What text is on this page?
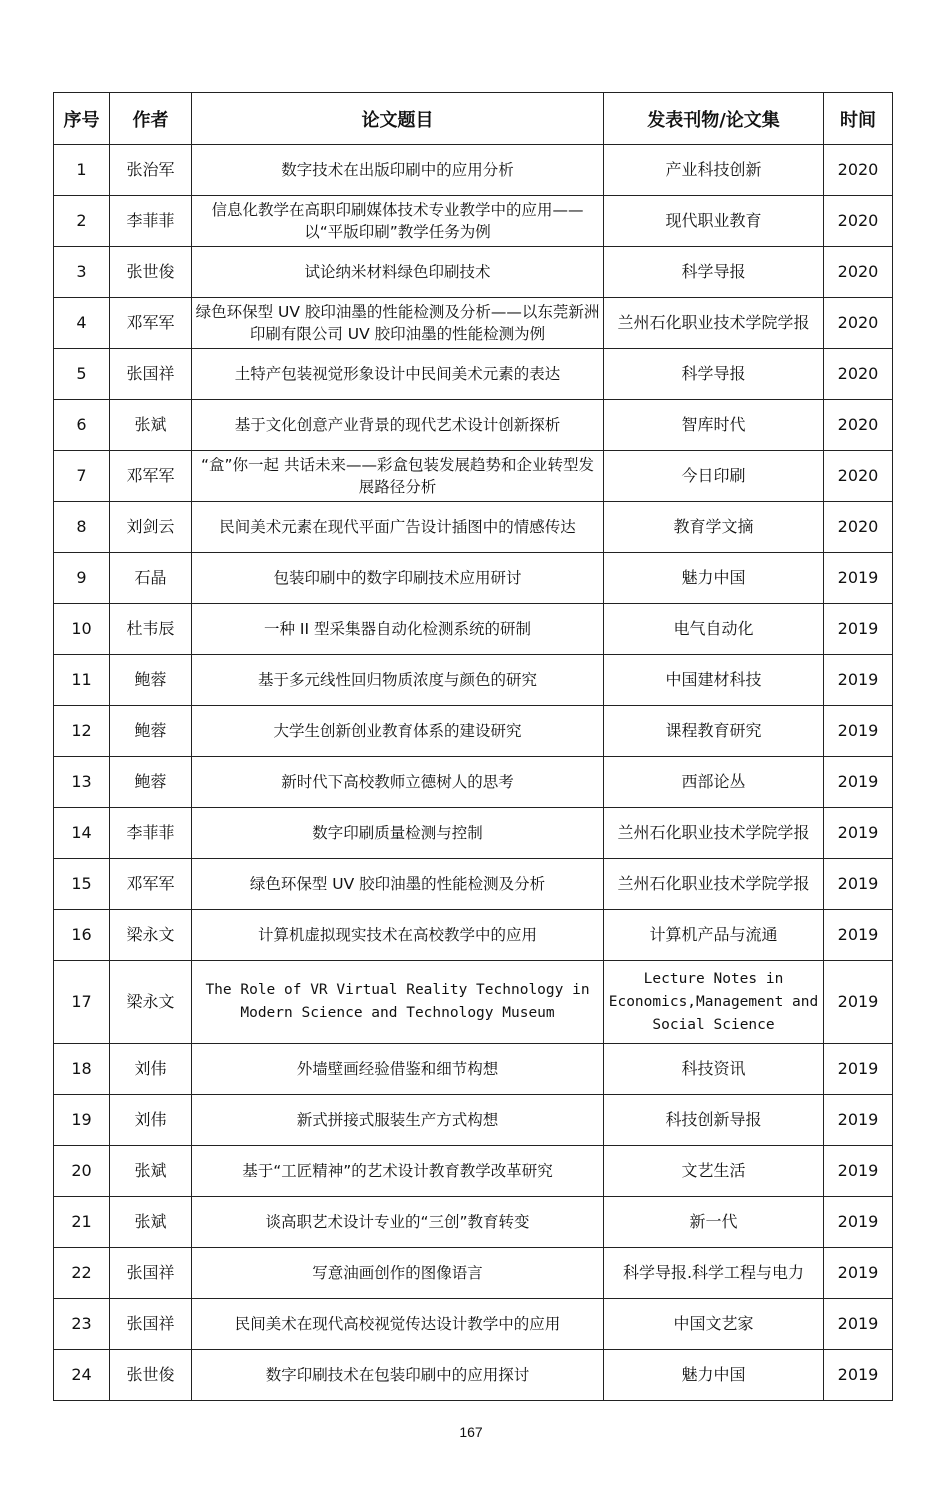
序号	作者	论文题目	发表刊物/论文集	时间
1	张治军	数字技术在出版印刷中的应用分析	产业科技创新	2020
2	李菲菲	信息化教学在高职印刷媒体技术专业教学中的应用——以“平版印刷”教学任务为例	现代职业教育	2020
3	张世俊	试论纳米材料绿色印刷技术	科学导报	2020
4	邓军军	绿色环保型 UV 胶印油墨的性能检测及分析——以东莞新洲印刷有限公司 UV 胶印油墨的性能检测为例	兰州石化职业技术学院学报	2020
5	张国祥	土特产包装视觉形象设计中民间美术元素的表达	科学导报	2020
6	张斌	基于文化创意产业背景的现代艺术设计创新探析	智库时代	2020
7	邓军军	“盒”你一起 共话未来——彩盒包装发展趋势和企业转型发展路径分析	今日印刷	2020
8	刘剑云	民间美术元素在现代平面广告设计插图中的情感传达	教育学文摘	2020
9	石晶	包装印刷中的数字印刷技术应用研讨	魅力中国	2019
10	杜韦辰	一种 II 型采集器自动化检测系统的研制	电气自动化	2019
11	鲍蓉	基于多元线性回归物质浓度与颜色的研究	中国建材科技	2019
12	鲍蓉	大学生创新创业教育体系的建设研究	课程教育研究	2019
13	鲍蓉	新时代下高校教师立德树人的思考	西部论丛	2019
14	李菲菲	数字印刷质量检测与控制	兰州石化职业技术学院学报	2019
15	邓军军	绿色环保型 UV 胶印油墨的性能检测及分析	兰州石化职业技术学院学报	2019
16	梁永文	计算机虚拟现实技术在高校教学中的应用	计算机产品与流通	2019
17	梁永文	The Role of VR Virtual Reality Technology in Modern Science and Technology Museum	Lecture Notes in Economics,Management and Social Science	2019
18	刘伟	外墙壁画经验借鉴和细节构想	科技资讯	2019
19	刘伟	新式拼接式服装生产方式构想	科技创新导报	2019
20	张斌	基于“工匠精神”的艺术设计教育教学改革研究	文艺生活	2019
21	张斌	谈高职艺术设计专业的“三创”教育转变	新一代	2019
22	张国祥	写意油画创作的图像语言	科学导报.科学工程与电力	2019
23	张国祥	民间美术在现代高校视觉传达设计教学中的应用	中国文艺家	2019
24	张世俊	数字印刷技术在包装印刷中的应用探讨	魅力中国	2019
167
